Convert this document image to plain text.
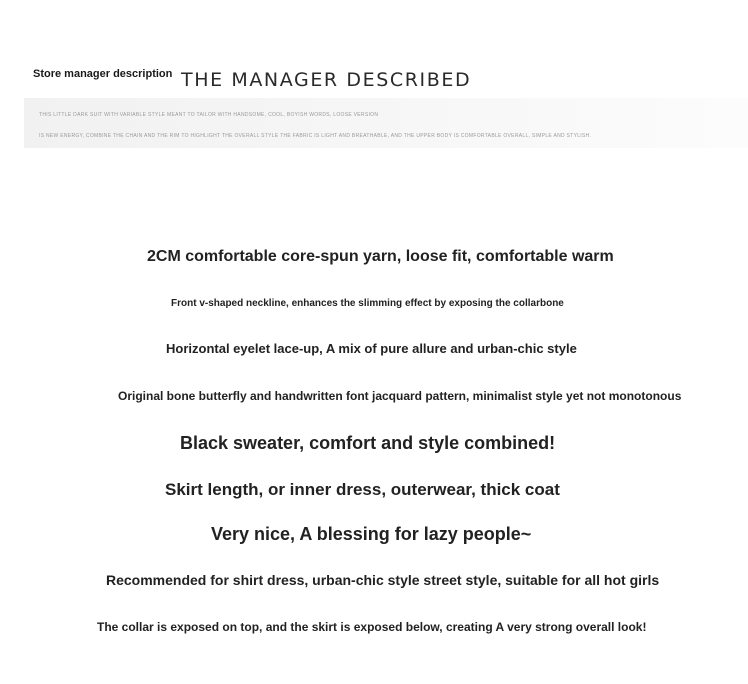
Store manager description THE MANAGER DESCRIBED
THIS LITTLE DARK SUIT WITH VARIABLE STYLE MEANT TO TAILOR WITH HANDSOME, COOL, BOYISH WORDS, LOOSE VERSION
IS NEW ENERGY, COMBINE THE CHAIN AND THE RIM TO HIGHLIGHT THE OVERALL STYLE THE FABRIC IS LIGHT AND BREATHABLE, AND THE UPPER BODY IS COMFORTABLE OVERALL, SIMPLE AND STYLISH.
2CM comfortable core-spun yarn, loose fit, comfortable warm
Front v-shaped neckline, enhances the slimming effect by exposing the collarbone
Horizontal eyelet lace-up, A mix of pure allure and urban-chic style
Original bone butterfly and handwritten font jacquard pattern, minimalist style yet not monotonous
Black sweater, comfort and style combined!
Skirt length, or inner dress, outerwear, thick coat
Very nice, A blessing for lazy people~
Recommended for shirt dress, urban-chic style street style, suitable for all hot girls
The collar is exposed on top, and the skirt is exposed below, creating A very strong overall look!
